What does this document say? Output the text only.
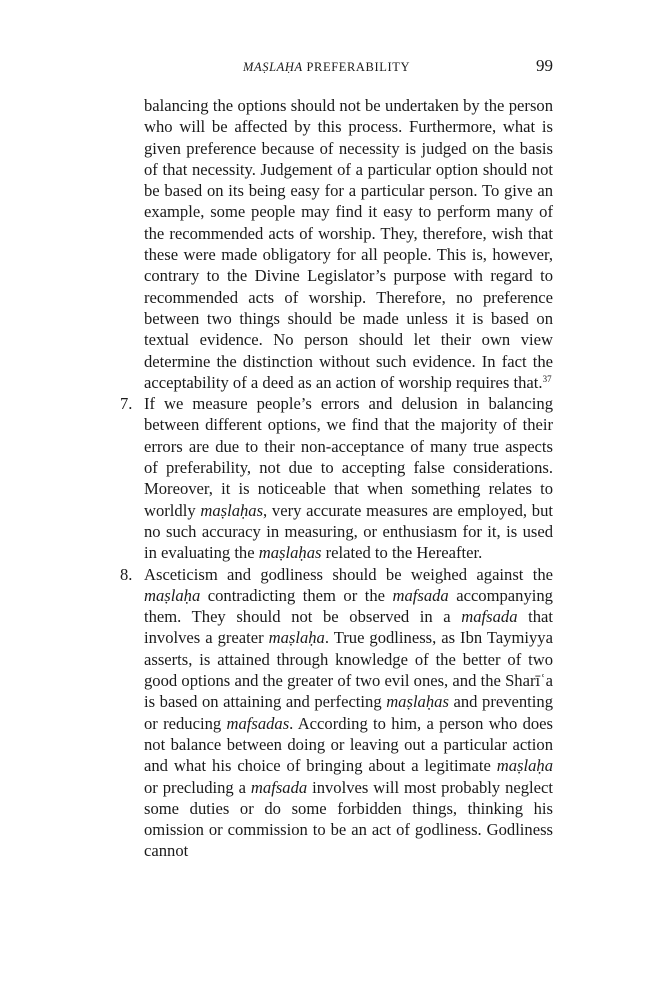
MAṢLAḤA PREFERABILITY	99

balancing the options should not be undertaken by the person who will be affected by this process. Furthermore, what is given preference because of necessity is judged on the basis of that necessity. Judgement of a particular option should not be based on its being easy for a particular person. To give an example, some people may find it easy to perform many of the recommended acts of worship. They, therefore, wish that these were made obligatory for all people. This is, however, contrary to the Divine Legislator’s purpose with regard to recommended acts of worship. Therefore, no preference between two things should be made unless it is based on textual evidence. No person should let their own view determine the distinction without such evidence. In fact the acceptability of a deed as an action of worship requires that.$^{37}$

7. If we measure people’s errors and delusion in balancing between different options, we find that the majority of their errors are due to their non-acceptance of many true aspects of preferability, not due to accepting false considerations. Moreover, it is noticeable that when something relates to worldly maṣlaḥas, very accurate measures are employed, but no such accuracy in measuring, or enthusiasm for it, is used in evaluating the maṣlaḥas related to the Hereafter.
8. Asceticism and godliness should be weighed against the maṣlaḥa contradicting them or the mafsada accompanying them. They should not be observed in a mafsada that involves a greater maṣlaḥa. True godliness, as Ibn Taymiyya asserts, is attained through knowledge of the better of two good options and the greater of two evil ones, and the Sharīʿa is based on attaining and perfecting maṣlaḥas and preventing or reducing mafsadas. According to him, a person who does not balance between doing or leaving out a particular action and what his choice of bringing about a legitimate maṣlaḥa or precluding a mafsada involves will most probably neglect some duties or do some forbidden things, thinking his omission or commission to be an act of godliness. Godliness cannot
